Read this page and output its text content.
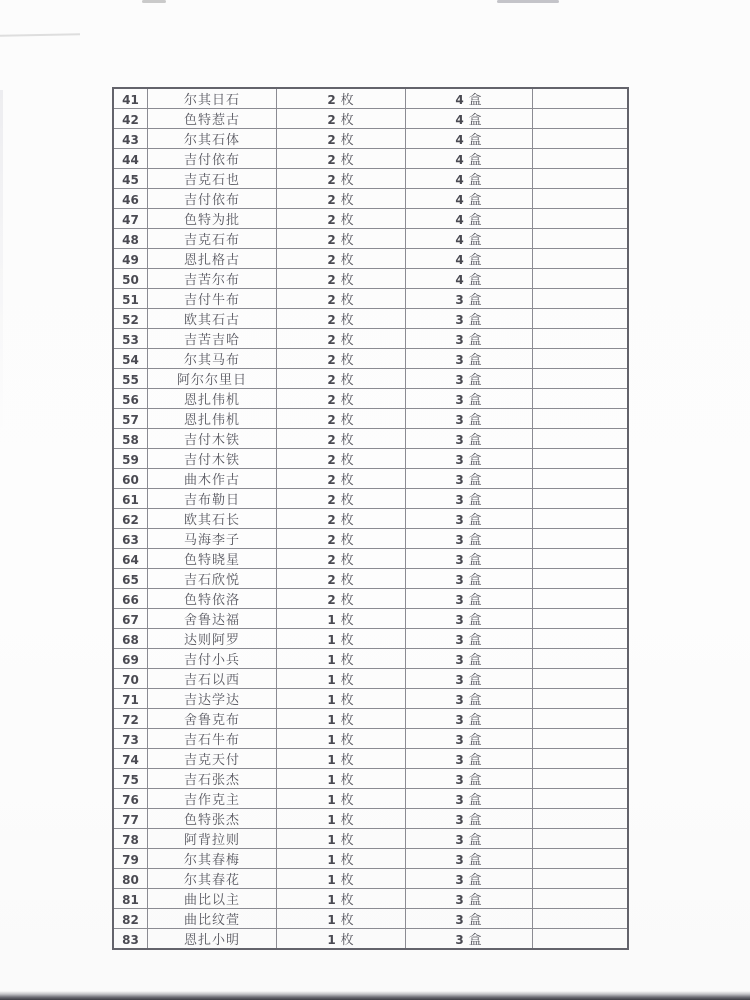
41	尔其日石	2 枚	4 盒	
42	色特惹古	2 枚	4 盒	
43	尔其石体	2 枚	4 盒	
44	吉付依布	2 枚	4 盒	
45	吉克石也	2 枚	4 盒	
46	吉付依布	2 枚	4 盒	
47	色特为批	2 枚	4 盒	
48	吉克石布	2 枚	4 盒	
49	恩扎格古	2 枚	4 盒	
50	吉苦尔布	2 枚	4 盒	
51	吉付牛布	2 枚	3 盒	
52	欧其石古	2 枚	3 盒	
53	吉苦吉哈	2 枚	3 盒	
54	尔其马布	2 枚	3 盒	
55	阿尔尔里日	2 枚	3 盒	
56	恩扎伟机	2 枚	3 盒	
57	恩扎伟机	2 枚	3 盒	
58	吉付木铁	2 枚	3 盒	
59	吉付木铁	2 枚	3 盒	
60	曲木作古	2 枚	3 盒	
61	吉布勒日	2 枚	3 盒	
62	欧其石长	2 枚	3 盒	
63	马海李子	2 枚	3 盒	
64	色特晓星	2 枚	3 盒	
65	吉石欣悦	2 枚	3 盒	
66	色特依洛	2 枚	3 盒	
67	舍鲁达福	1 枚	3 盒	
68	达则阿罗	1 枚	3 盒	
69	吉付小兵	1 枚	3 盒	
70	吉石以西	1 枚	3 盒	
71	吉达学达	1 枚	3 盒	
72	舍鲁克布	1 枚	3 盒	
73	吉石牛布	1 枚	3 盒	
74	吉克天付	1 枚	3 盒	
75	吉石张杰	1 枚	3 盒	
76	吉作克主	1 枚	3 盒	
77	色特张杰	1 枚	3 盒	
78	阿背拉则	1 枚	3 盒	
79	尔其春梅	1 枚	3 盒	
80	尔其春花	1 枚	3 盒	
81	曲比以主	1 枚	3 盒	
82	曲比纹萱	1 枚	3 盒	
83	恩扎小明	1 枚	3 盒	
